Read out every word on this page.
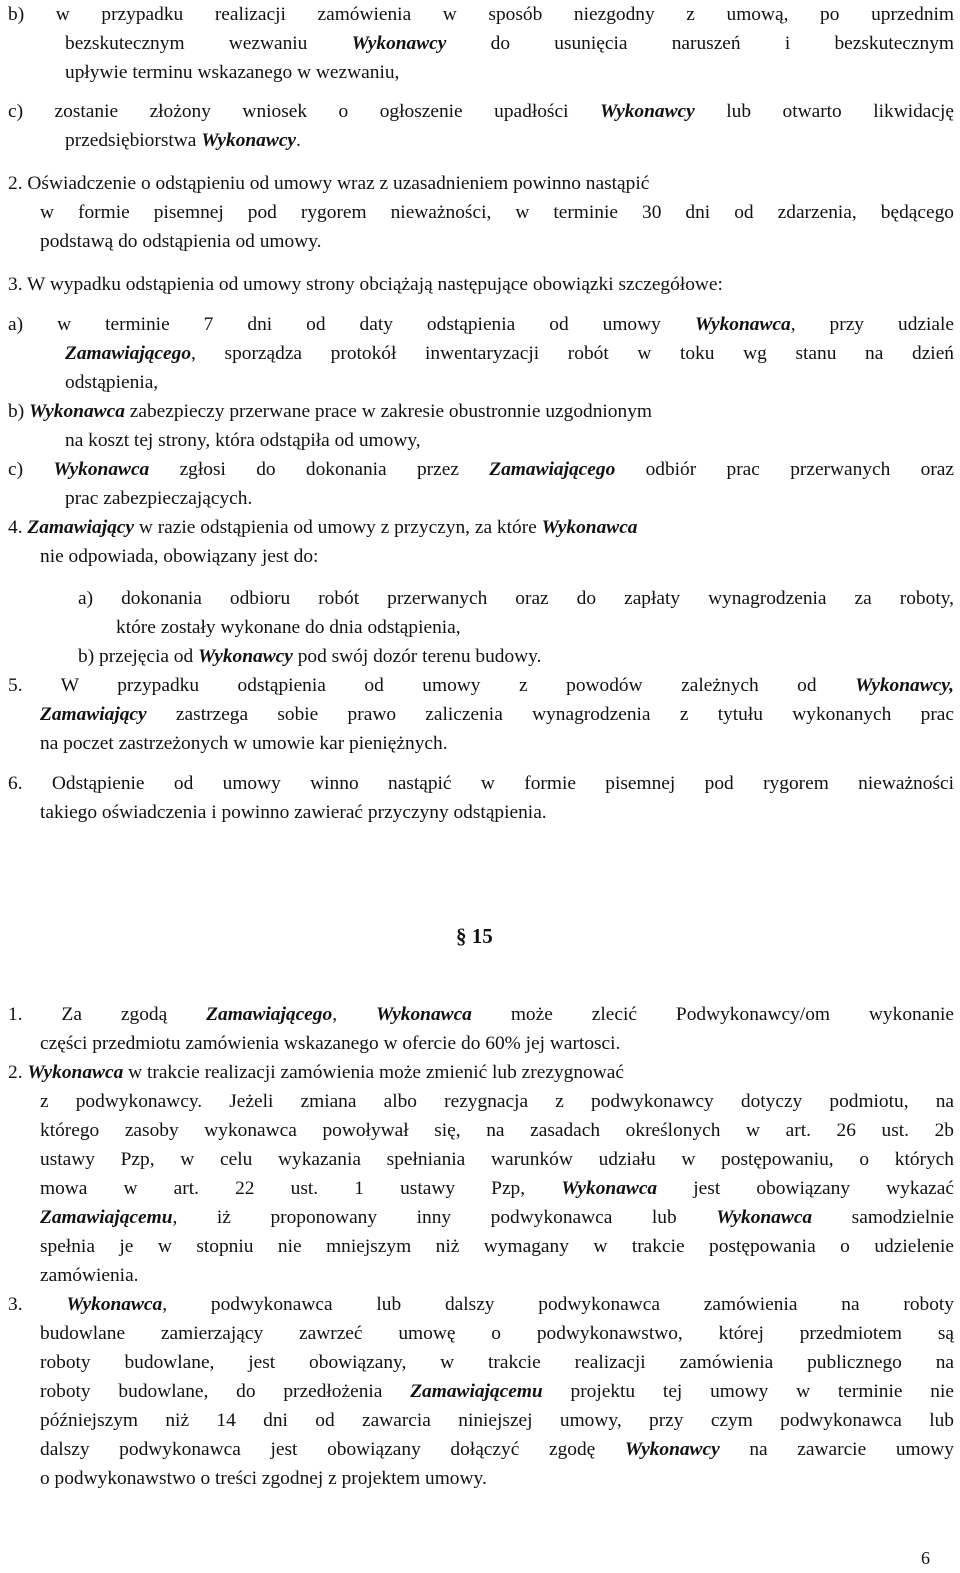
b) w przypadku realizacji zamówienia w sposób niezgodny z umową, po uprzednim
bezskutecznym wezwaniu Wykonawcy do usunięcia naruszeń i bezskutecznym
upływie terminu wskazanego w wezwaniu,
c) zostanie złożony wniosek o ogłoszenie upadłości Wykonawcy lub otwarto likwidację
przedsiębiorstwa Wykonawcy.
2. Oświadczenie o odstąpieniu od umowy wraz z uzasadnieniem powinno nastąpić
w formie pisemnej pod rygorem nieważności, w terminie 30 dni od zdarzenia, będącego
podstawą do odstąpienia od umowy.
3. W wypadku odstąpienia od umowy strony obciążają następujące obowiązki szczegółowe:
a) w terminie 7 dni od daty odstąpienia od umowy Wykonawca, przy udziale
Zamawiającego, sporządza protokół inwentaryzacji robót w toku wg stanu na dzień
odstąpienia,
b) Wykonawca zabezpieczy przerwane prace w zakresie obustronnie uzgodnionym
na koszt tej strony, która odstąpiła od umowy,
c) Wykonawca zgłosi do dokonania przez Zamawiającego odbiór prac przerwanych oraz
prac zabezpieczających.
4. Zamawiający w razie odstąpienia od umowy z przyczyn, za które Wykonawca
nie odpowiada, obowiązany jest do:
a) dokonania odbioru robót przerwanych oraz do zapłaty wynagrodzenia za roboty,
które zostały wykonane do dnia odstąpienia,
b) przejęcia od Wykonawcy pod swój dozór terenu budowy.
5. W przypadku odstąpienia od umowy z powodów zależnych od Wykonawcy,
Zamawiający zastrzega sobie prawo zaliczenia wynagrodzenia z tytułu wykonanych prac
na poczet zastrzeżonych w umowie kar pieniężnych.
6. Odstąpienie od umowy winno nastąpić w formie pisemnej pod rygorem nieważności
takiego oświadczenia i powinno zawierać przyczyny odstąpienia.
1. Za zgodą Zamawiającego, Wykonawca może zlecić Podwykonawcy/om wykonanie
części przedmiotu zamówienia wskazanego w ofercie do 60% jej wartosci.
2. Wykonawca w trakcie realizacji zamówienia może zmienić lub zrezygnować
z podwykonawcy. Jeżeli zmiana albo rezygnacja z podwykonawcy dotyczy podmiotu, na
którego zasoby wykonawca powoływał się, na zasadach określonych w art. 26 ust. 2b
ustawy Pzp, w celu wykazania spełniania warunków udziału w postępowaniu, o których
mowa w art. 22 ust. 1 ustawy Pzp, Wykonawca jest obowiązany wykazać
Zamawiającemu, iż proponowany inny podwykonawca lub Wykonawca samodzielnie
spełnia je w stopniu nie mniejszym niż wymagany w trakcie postępowania o udzielenie
zamówienia.
3. Wykonawca, podwykonawca lub dalszy podwykonawca zamówienia na roboty
budowlane zamierzający zawrzeć umowę o podwykonawstwo, której przedmiotem są
roboty budowlane, jest obowiązany, w trakcie realizacji zamówienia publicznego na
roboty budowlane, do przedłożenia Zamawiającemu projektu tej umowy w terminie nie
późniejszym niż 14 dni od zawarcia niniejszej umowy, przy czym podwykonawca lub
dalszy podwykonawca jest obowiązany dołączyć zgodę Wykonawcy na zawarcie umowy
o podwykonawstwo o treści zgodnej z projektem umowy.
§ 15
6
